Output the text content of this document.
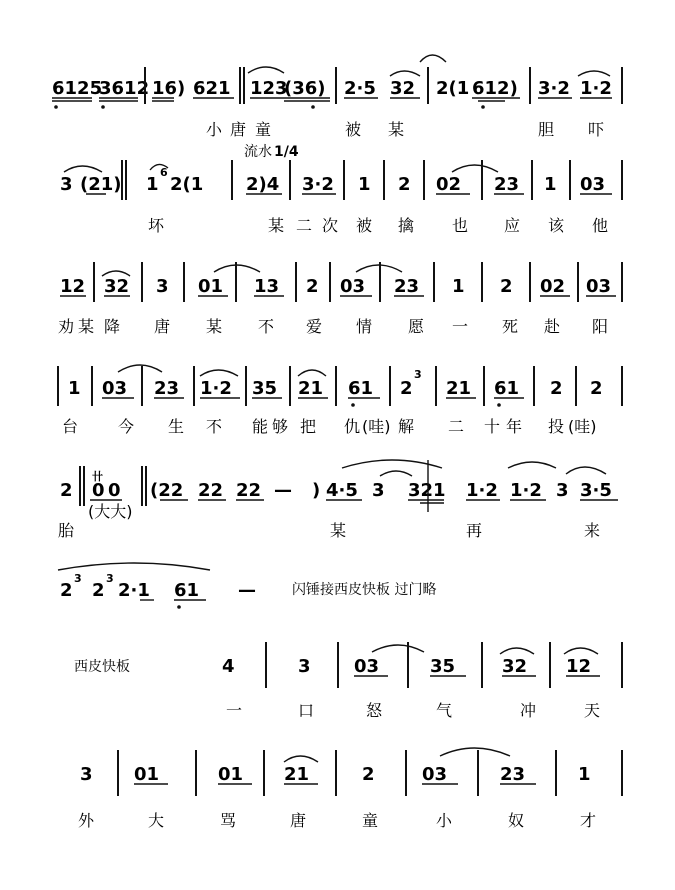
6125
3612 16) 621 123
(36) 2·5 32 2(1 612) 3·2 1·2
小 唐 童	被 某	胆 吓
流水 1/4
3 (21) 1
6
2(1 2)4 3·2 1 2 02 23 1 03
坏	某 二 次 被 擒 也 应 该 他
12 32 3 01 13 2 03 23 1 2 02 03
劝 某 降 唐 某 不 爱 情 愿 一 死 赴 阳
1 03 23 1·2 35 21 61 2
3
21 61 2 2
台 今 生 不 能 够 把 仇 (哇) 解 二 十 年 投 (哇)
2
卄
0 0
(大大)
(22 22 22 — ) 4·5 3 321 1·2 1·2 3 3·5
胎	某	再	来
2
3
2
3
2·1 61 —	闪锤接西皮快板 过门略
西皮快板	4	3 03	35	32 12
一	口	怒	气	冲	天
3 01	01 21	2	03	23	1
外	大	骂	唐	童	小	奴	才
